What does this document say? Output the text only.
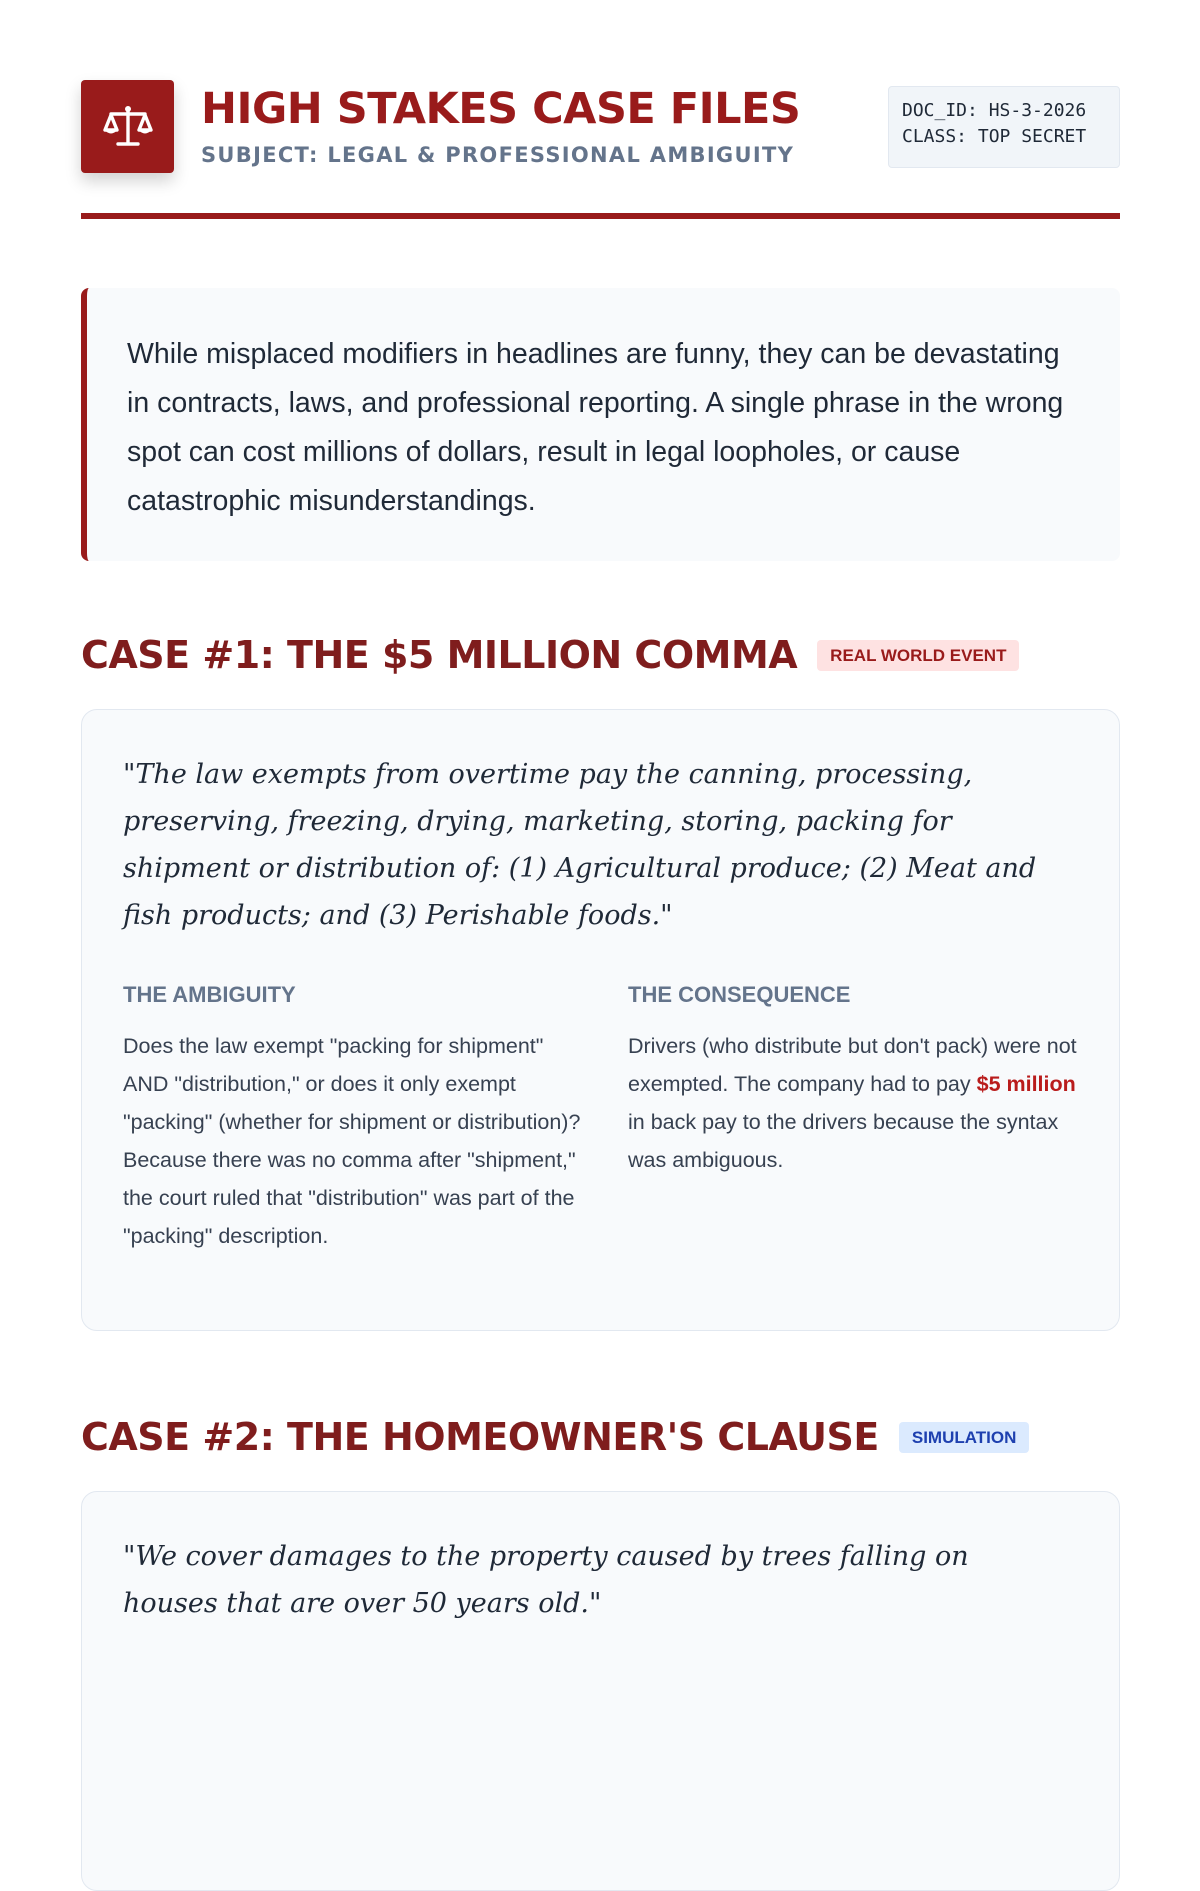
HIGH STAKES CASE FILES
SUBJECT: LEGAL & PROFESSIONAL AMBIGUITY
DOC_ID: HS-3-2026
CLASS: TOP SECRET

While misplaced modifiers in headlines are funny, they can be devastating in contracts, laws, and professional reporting. A single phrase in the wrong spot can cost millions of dollars, result in legal loopholes, or cause catastrophic misunderstandings.

CASE #1: THE $5 MILLION COMMA	REAL WORLD EVENT
"The law exempts from overtime pay the canning, processing, preserving, freezing, drying, marketing, storing, packing for shipment or distribution of: (1) Agricultural produce; (2) Meat and fish products; and (3) Perishable foods."
THE AMBIGUITY
Does the law exempt "packing for shipment" AND "distribution," or does it only exempt "packing" (whether for shipment or distribution)? Because there was no comma after "shipment," the court ruled that "distribution" was part of the "packing" description.
THE CONSEQUENCE
Drivers (who distribute but don't pack) were not exempted. The company had to pay $5 million in back pay to the drivers because the syntax was ambiguous.
CASE #2: THE HOMEOWNER'S CLAUSE	SIMULATION
"We cover damages to the property caused by trees falling on houses that are over 50 years old."
